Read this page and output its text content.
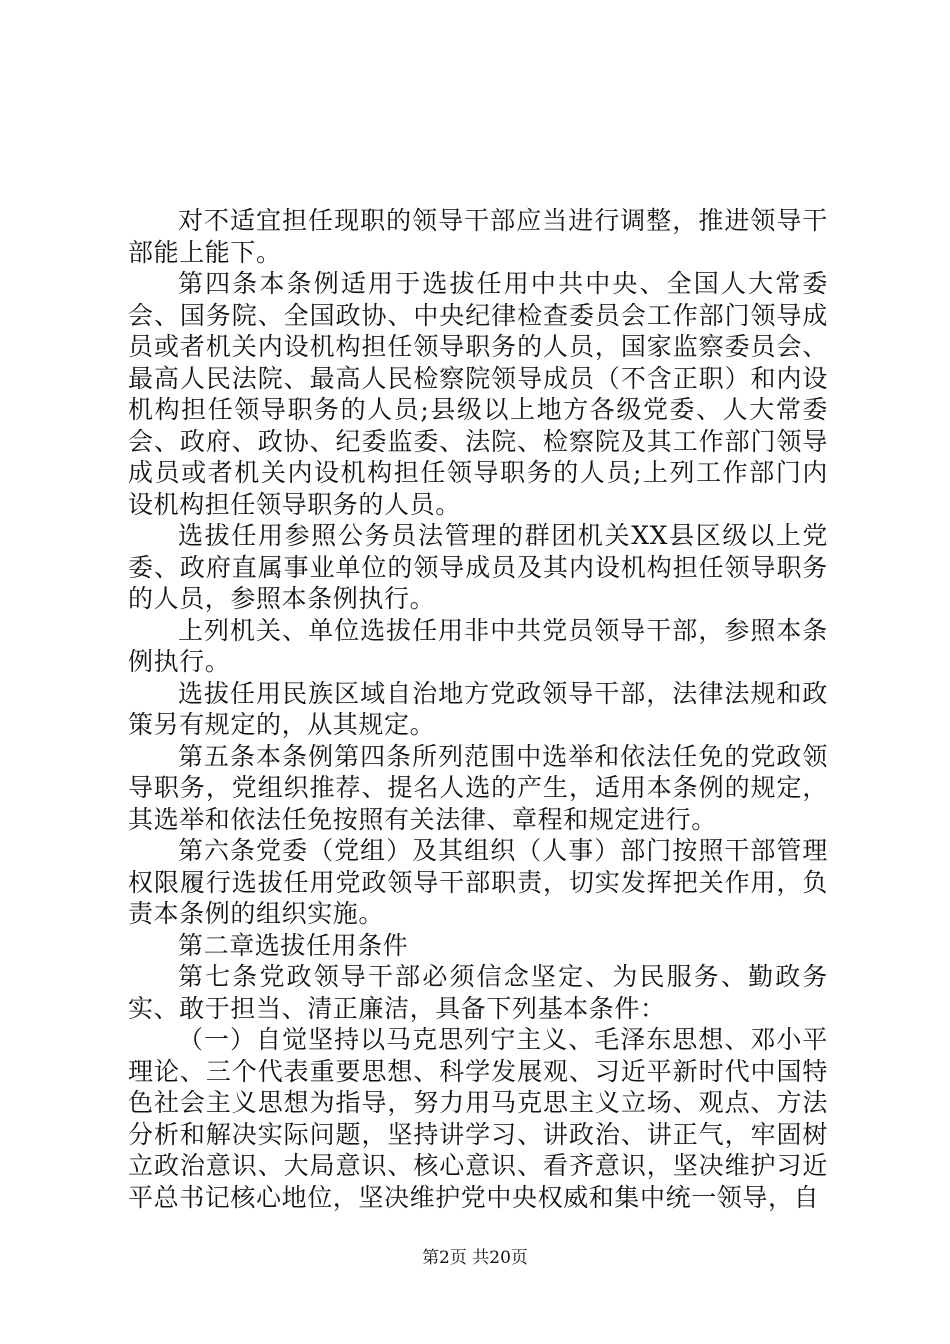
对不适宜担任现职的领导干部应当进行调整，推进领导干部能上能下。

第四条本条例适用于选拔任用中共中央、全国人大常委会、国务院、全国政协、中央纪律检查委员会工作部门领导成员或者机关内设机构担任领导职务的人员，国家监察委员会、最高人民法院、最高人民检察院领导成员（不含正职）和内设机构担任领导职务的人员;县级以上地方各级党委、人大常委会、政府、政协、纪委监委、法院、检察院及其工作部门领导成员或者机关内设机构担任领导职务的人员;上列工作部门内设机构担任领导职务的人员。

选拔任用参照公务员法管理的群团机关XX县区级以上党委、政府直属事业单位的领导成员及其内设机构担任领导职务的人员，参照本条例执行。

上列机关、单位选拔任用非中共党员领导干部，参照本条例执行。

选拔任用民族区域自治地方党政领导干部，法律法规和政策另有规定的，从其规定。

第五条本条例第四条所列范围中选举和依法任免的党政领导职务，党组织推荐、提名人选的产生，适用本条例的规定，其选举和依法任免按照有关法律、章程和规定进行。

第六条党委（党组）及其组织（人事）部门按照干部管理权限履行选拔任用党政领导干部职责，切实发挥把关作用，负责本条例的组织实施。

第二章选拔任用条件

第七条党政领导干部必须信念坚定、为民服务、勤政务实、敢于担当、清正廉洁，具备下列基本条件：

（一）自觉坚持以马克思列宁主义、毛泽东思想、邓小平理论、三个代表重要思想、科学发展观、习近平新时代中国特色社会主义思想为指导，努力用马克思主义立场、观点、方法分析和解决实际问题，坚持讲学习、讲政治、讲正气，牢固树立政治意识、大局意识、核心意识、看齐意识，坚决维护习近平总书记核心地位，坚决维护党中央权威和集中统一领导，自

第2页 共20页
